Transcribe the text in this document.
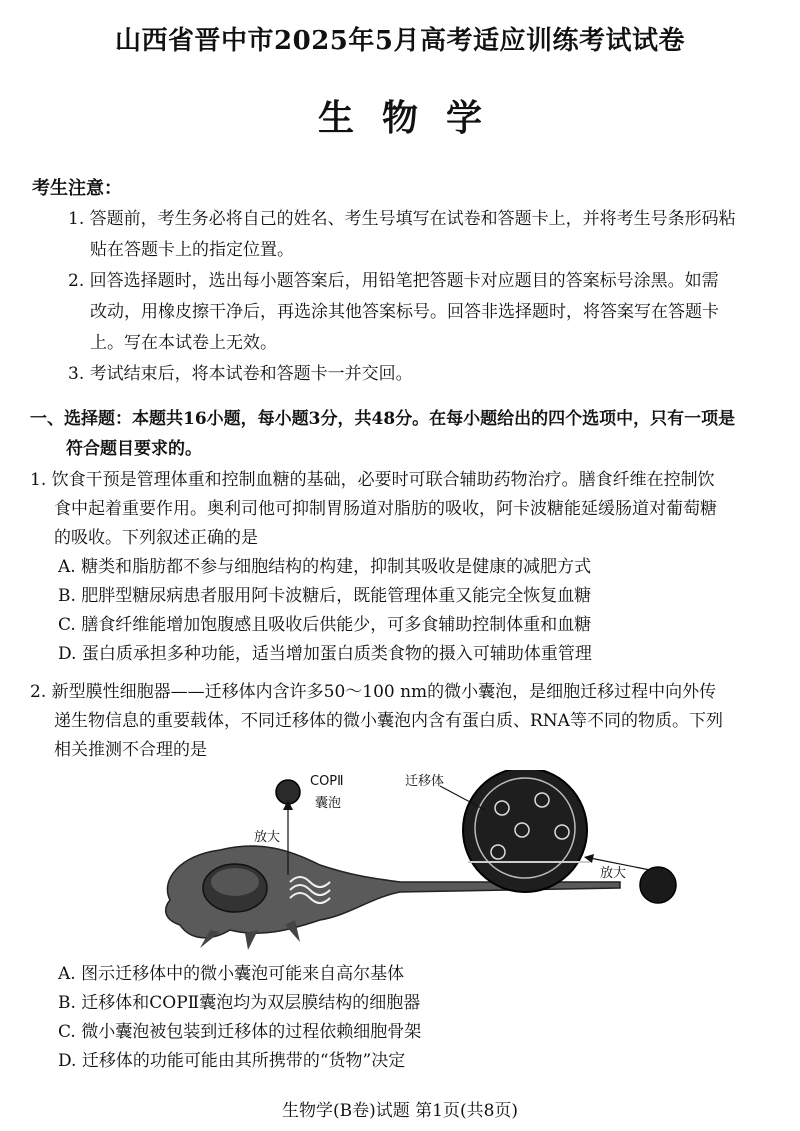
山西省晋中市2025年5月高考适应训练考试试卷
生物学
考生注意：
1. 答题前，考生务必将自己的姓名、考生号填写在试卷和答题卡上，并将考生号条形码粘
贴在答题卡上的指定位置。
2. 回答选择题时，选出每小题答案后，用铅笔把答题卡对应题目的答案标号涂黑。如需
改动，用橡皮擦干净后，再选涂其他答案标号。回答非选择题时，将答案写在答题卡
上。写在本试卷上无效。
3. 考试结束后，将本试卷和答题卡一并交回。
一、选择题：本题共16小题，每小题3分，共48分。在每小题给出的四个选项中，只有一项是
符合题目要求的。
1. 饮食干预是管理体重和控制血糖的基础，必要时可联合辅助药物治疗。膳食纤维在控制饮
食中起着重要作用。奥利司他可抑制胃肠道对脂肪的吸收，阿卡波糖能延缓肠道对葡萄糖
的吸收。下列叙述正确的是
A. 糖类和脂肪都不参与细胞结构的构建，抑制其吸收是健康的减肥方式
B. 肥胖型糖尿病患者服用阿卡波糖后，既能管理体重又能完全恢复血糖
C. 膳食纤维能增加饱腹感且吸收后供能少，可多食辅助控制体重和血糖
D. 蛋白质承担多种功能，适当增加蛋白质类食物的摄入可辅助体重管理
2. 新型膜性细胞器——迁移体内含许多50～100 nm的微小囊泡，是细胞迁移过程中向外传
递生物信息的重要载体，不同迁移体的微小囊泡内含有蛋白质、RNA等不同的物质。下列
相关推测不合理的是
COPⅡ
囊泡
放大
迁移体
放大
A. 图示迁移体中的微小囊泡可能来自高尔基体
B. 迁移体和COPⅡ囊泡均为双层膜结构的细胞器
C. 微小囊泡被包装到迁移体的过程依赖细胞骨架
D. 迁移体的功能可能由其所携带的“货物”决定
生物学(B卷)试题 第1页(共8页)
